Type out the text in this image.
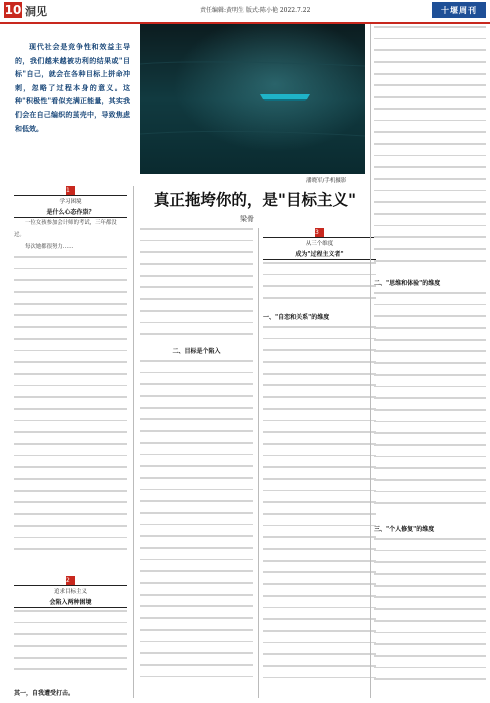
10 洞见	责任编辑:黄明生 版式:陈小艳 2022.7.22	十堰周刊
现代社会是竞争性和效益主导的，我们越来越被功利的结果或"目标"自己，就会在各种目标上拼命冲刺，忽略了过程本身的意义。这种"积极性"看似充满正能量，其实我们会在自己编织的茧壳中，导致焦虑和低效。
潘晓军/手机摄影
真正拖垮你的，是"目标主义"
梁骨
1
学习困境
是什么心态作祟？
一位女孩参加会计师的考试，三年都没过。
每次她都很努力……
2
追求目标主义
会陷入两种困境
其一，自我遭受打击。
二、目标是个陷入
3
从三个维度
成为"过程主义者"
一、"自恋和关系"的维度
二、"思维和体验"的维度
三、"个人修复"的维度
